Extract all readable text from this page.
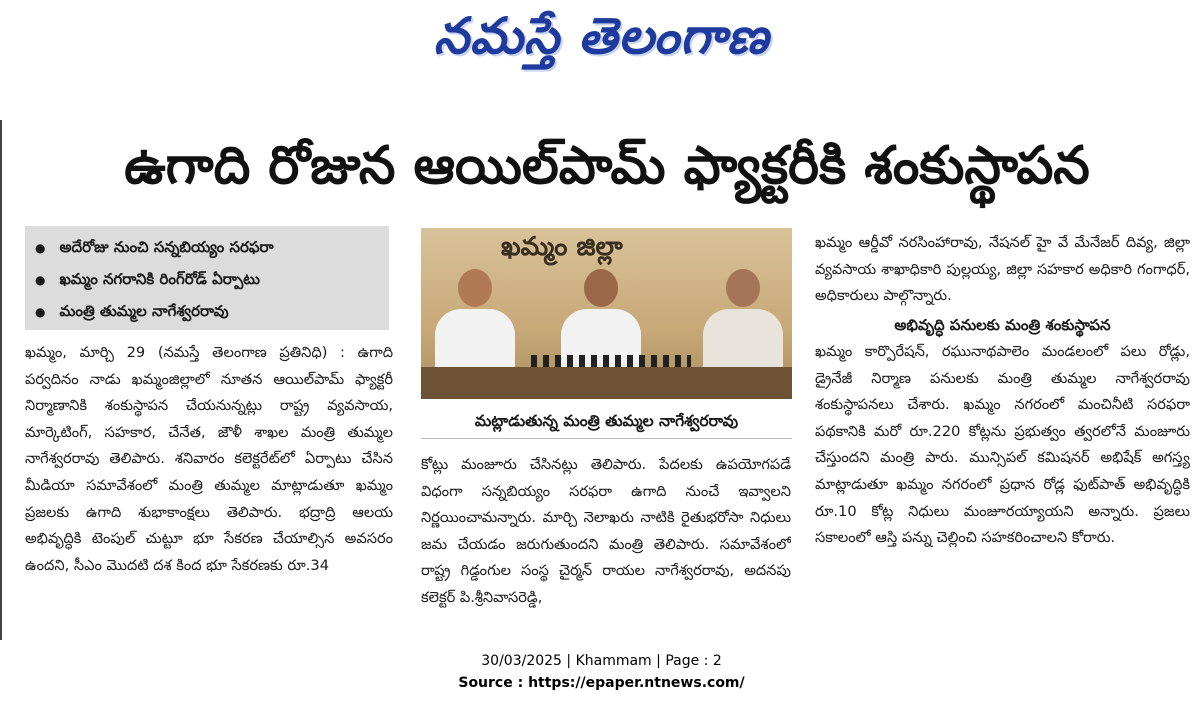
నమస్తే తెలంగాణ
ఉగాది రోజున ఆయిల్‌పామ్‌ ఫ్యాక్టరీకి శంకుస్థాపన
● అదేరోజు నుంచి సన్నబియ్యం సరఫరా
● ఖమ్మం నగరానికి రింగ్‌రోడ్‌ ఏర్పాటు
● మంత్రి తుమ్మల నాగేశ్వరరావు

ఖమ్మం, మార్చి 29 (నమస్తే తెలంగాణ ప్రతినిధి) : ఉగాది పర్వదినం నాడు ఖమ్మంజిల్లాలో నూతన ఆయిల్‌పామ్‌ ఫ్యాక్టరీ నిర్మాణానికి శంకుస్థాపన చేయనున్నట్లు రాష్ట్ర వ్యవసాయ, మార్కెటింగ్‌, సహకార, చేనేత, జౌళీ శాఖల మంత్రి తుమ్మల నాగేశ్వరరావు తెలిపారు. శనివారం కలెక్టరేట్‌లో ఏర్పాటు చేసిన మీడియా సమావేశంలో మంత్రి తుమ్మల మాట్లాడుతూ ఖమ్మం ప్రజలకు ఉగాది శుభాకాంక్షలు తెలిపారు. భద్రాద్రి ఆలయ అభివృద్ధికి టెంపుల్‌ చుట్టూ భూ సేకరణ చేయాల్సిన అవసరం ఉందని, సీఎం మొదటి దశ కింద భూ సేకరణకు రూ.34

ఖమ్మం జిల్లా
మట్లాడుతున్న మంత్రి తుమ్మల నాగేశ్వరరావు

కోట్లు మంజూరు చేసినట్లు తెలిపారు. పేదలకు ఉపయోగపడే విధంగా సన్నబియ్యం సరఫరా ఉగాది నుంచే ఇవ్వాలని నిర్ణయించామన్నారు. మార్చి నెలాఖరు నాటికి రైతుభరోసా నిధులు జమ చేయడం జరుగుతుందని మంత్రి తెలిపారు. సమావేశంలో రాష్ట్ర గిడ్డంగుల సంస్థ చైర్మన్‌ రాయల నాగేశ్వరరావు, అదనపు కలెక్టర్‌ పి.శ్రీనివాసరెడ్డి,

ఖమ్మం ఆర్డీవో నరసింహారావు, నేషనల్‌ హై వే మేనేజర్‌ దివ్య, జిల్లా వ్యవసాయ శాఖాధికారి పుల్లయ్య, జిల్లా సహకార అధికారి గంగాధర్‌, అధికారులు పాల్గొన్నారు.

అభివృద్ధి పనులకు మంత్రి శంకుస్థాపన

ఖమ్మం కార్పొరేషన్‌, రఘునాథపాలెం మండలంలో పలు రోడ్లు, డ్రైనేజీ నిర్మాణ పనులకు మంత్రి తుమ్మల నాగేశ్వరరావు శంకుస్థాపనలు చేశారు. ఖమ్మం నగరంలో మంచినీటి సరఫరా పథకానికి మరో రూ.220 కోట్లను ప్రభుత్వం త్వరలోనే మంజూరు చేస్తుందని మంత్రి పారు. మున్సిపల్‌ కమిషనర్‌ అభిషేక్‌ అగస్త్య మాట్లాడుతూ ఖమ్మం నగరంలో ప్రధాన రోడ్ల ఫుట్‌పాత్‌ అభివృద్ధికి రూ.10 కోట్ల నిధులు మంజూరయ్యాయని అన్నారు. ప్రజలు సకాలంలో ఆస్తి పన్ను చెల్లించి సహకరించాలని కోరారు.

30/03/2025 | Khammam | Page : 2
Source : https://epaper.ntnews.com/
